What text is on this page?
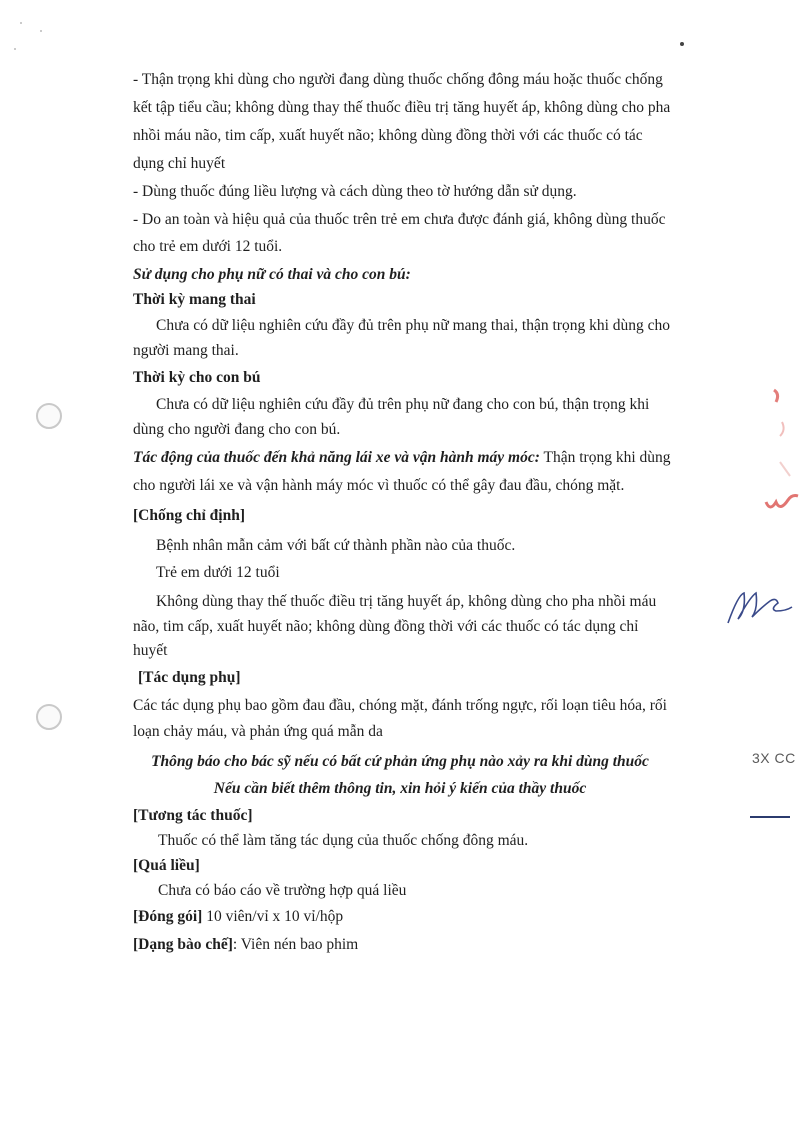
- Thận trọng khi dùng cho người đang dùng thuốc chống đông máu hoặc thuốc chống
kết tập tiểu cầu; không dùng thay thế thuốc điều trị tăng huyết áp, không dùng cho pha
nhồi máu não, tim cấp, xuất huyết não; không dùng đồng thời với các thuốc có tác
dụng chỉ huyết
- Dùng thuốc đúng liều lượng và cách dùng theo tờ hướng dẫn sử dụng.
- Do an toàn và hiệu quả của thuốc trên trẻ em chưa được đánh giá, không dùng thuốc
cho trẻ em dưới 12 tuổi.
Sử dụng cho phụ nữ có thai và cho con bú:
Thời kỳ mang thai
Chưa có dữ liệu nghiên cứu đầy đủ trên phụ nữ mang thai, thận trọng khi dùng cho
người mang thai.
Thời kỳ cho con bú
Chưa có dữ liệu nghiên cứu đầy đủ trên phụ nữ đang cho con bú, thận trọng khi
dùng cho người đang cho con bú.
Tác động của thuốc đến khả năng lái xe và vận hành máy móc: Thận trọng khi dùng
cho người lái xe và vận hành máy móc vì thuốc có thể gây đau đầu, chóng mặt.
[Chống chỉ định]
Bệnh nhân mẫn cảm với bất cứ thành phần nào của thuốc.
Trẻ em dưới 12 tuổi
Không dùng thay thế thuốc điều trị tăng huyết áp, không dùng cho pha nhồi máu
não, tim cấp, xuất huyết não; không dùng đồng thời với các thuốc có tác dụng chỉ
huyết
[Tác dụng phụ]
Các tác dụng phụ bao gồm đau đầu, chóng mặt, đánh trống ngực, rối loạn tiêu hóa, rối
loạn chảy máu, và phản ứng quá mẫn da
Thông báo cho bác sỹ nếu có bất cứ phản ứng phụ nào xảy ra khi dùng thuốc
Nếu cần biết thêm thông tin, xin hỏi ý kiến của thầy thuốc
[Tương tác thuốc]
Thuốc có thể làm tăng tác dụng của thuốc chống đông máu.
[Quá liều]
Chưa có báo cáo về trường hợp quá liều
[Đóng gói] 10 viên/vỉ x 10 vỉ/hộp
[Dạng bào chế]: Viên nén bao phim
3X CC
